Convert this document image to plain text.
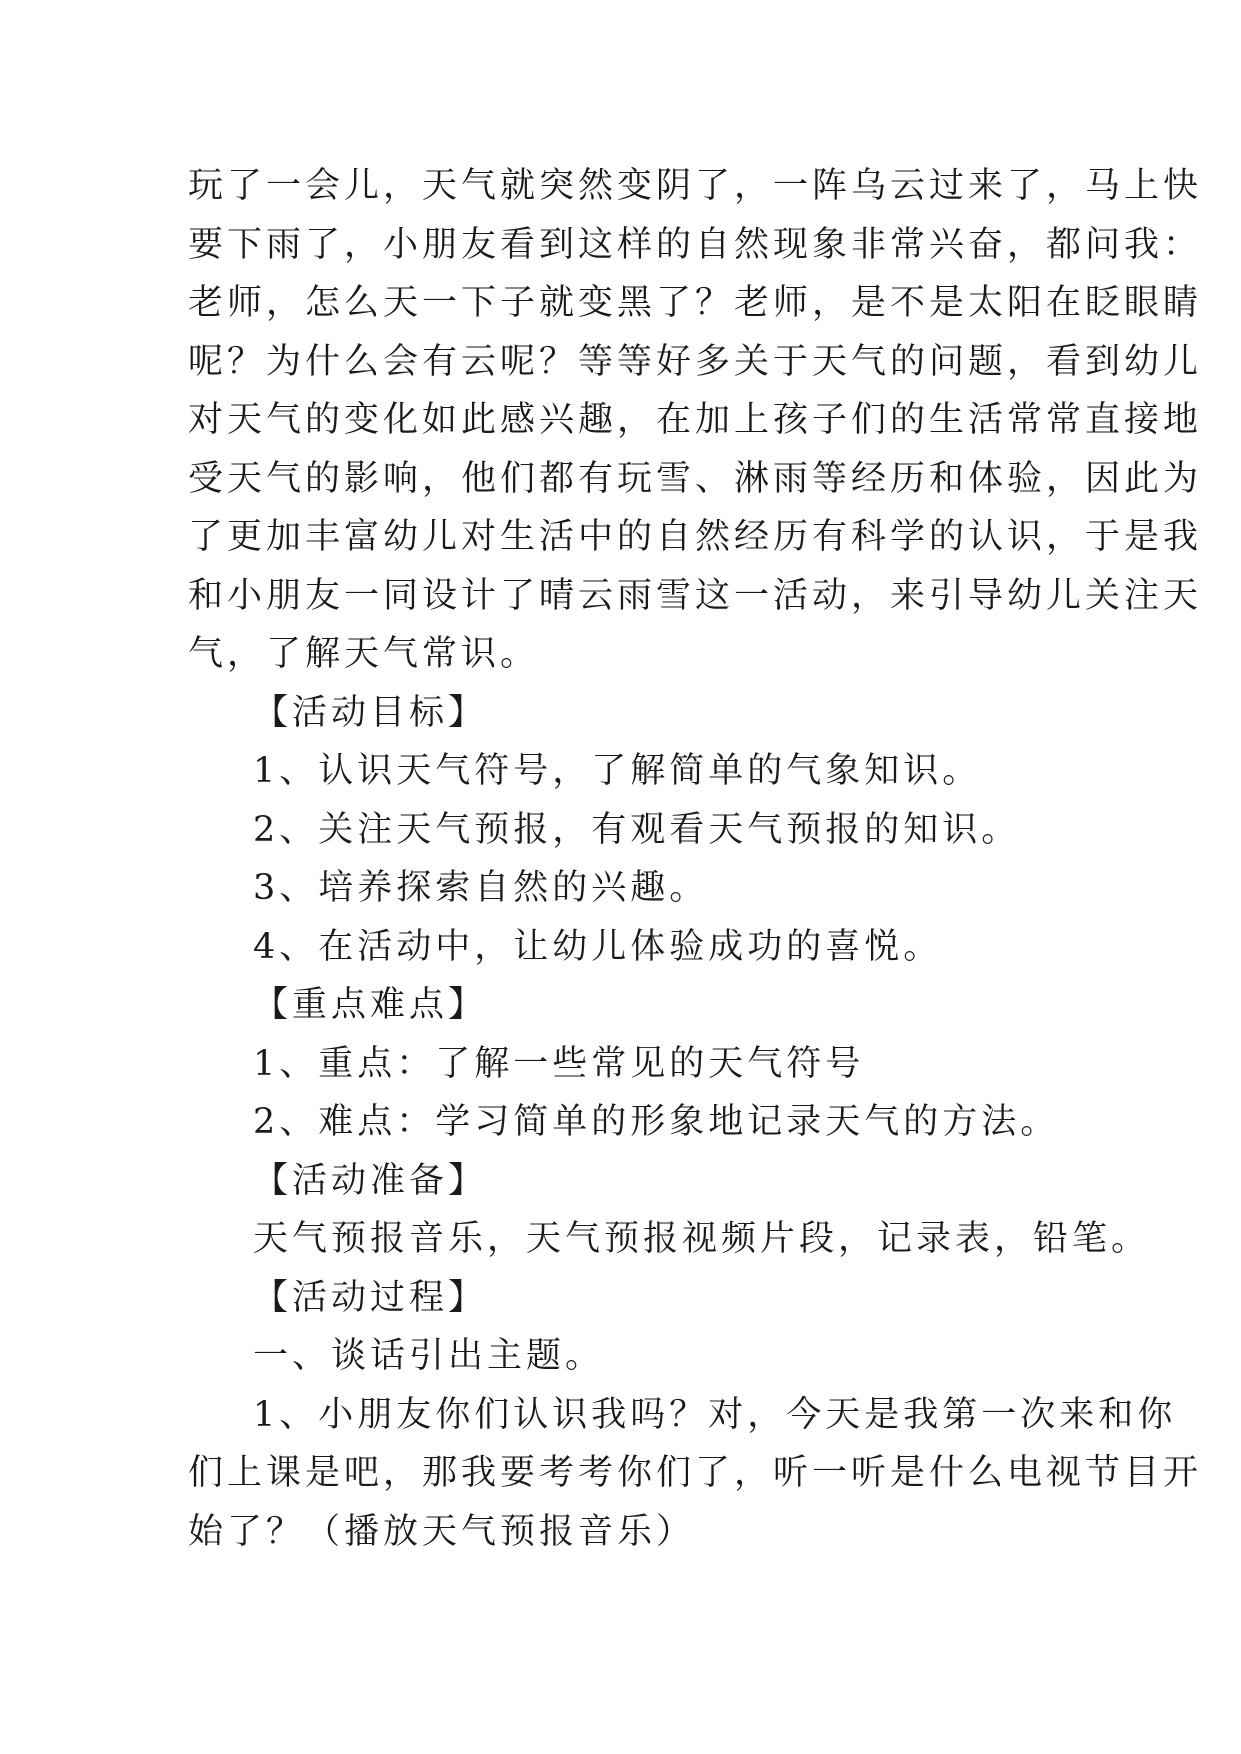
玩了一会儿，天气就突然变阴了，一阵乌云过来了，马上快
要下雨了，小朋友看到这样的自然现象非常兴奋，都问我：
老师，怎么天一下子就变黑了？老师，是不是太阳在眨眼睛
呢？为什么会有云呢？等等好多关于天气的问题，看到幼儿
对天气的变化如此感兴趣，在加上孩子们的生活常常直接地
受天气的影响，他们都有玩雪、淋雨等经历和体验，因此为
了更加丰富幼儿对生活中的自然经历有科学的认识，于是我
和小朋友一同设计了晴云雨雪这一活动，来引导幼儿关注天
气，了解天气常识。
【活动目标】
1、认识天气符号，了解简单的气象知识。
2、关注天气预报，有观看天气预报的知识。
3、培养探索自然的兴趣。
4、在活动中，让幼儿体验成功的喜悦。
【重点难点】
1、重点：了解一些常见的天气符号
2、难点：学习简单的形象地记录天气的方法。
【活动准备】
天气预报音乐，天气预报视频片段，记录表，铅笔。
【活动过程】
一、谈话引出主题。
1、小朋友你们认识我吗？对，今天是我第一次来和你
们上课是吧，那我要考考你们了，听一听是什么电视节目开
始了？（播放天气预报音乐）
